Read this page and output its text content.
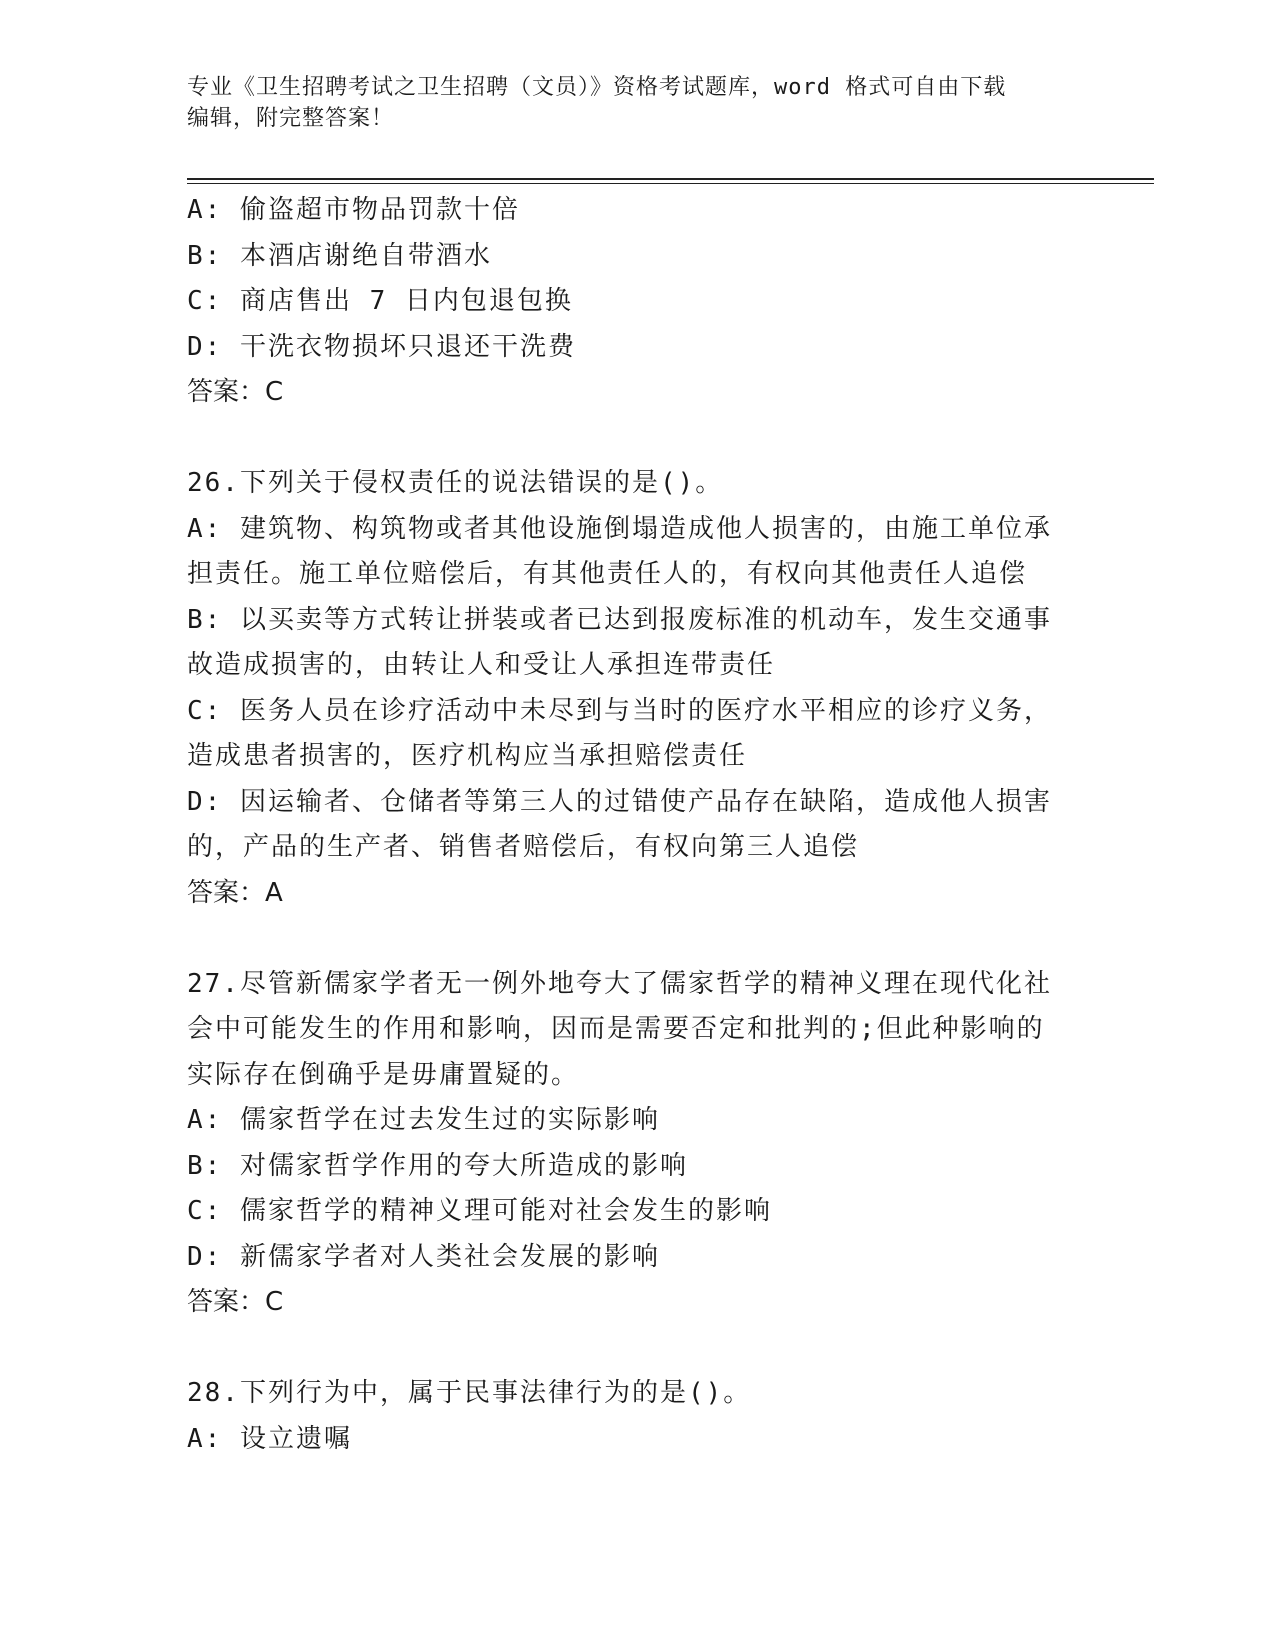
专业《卫生招聘考试之卫生招聘（文员）》资格考试题库，word 格式可自由下载
编辑，附完整答案！
A: 偷盗超市物品罚款十倍
B: 本酒店谢绝自带酒水
C: 商店售出 7 日内包退包换
D: 干洗衣物损坏只退还干洗费
答案：C
26.下列关于侵权责任的说法错误的是()。
A: 建筑物、构筑物或者其他设施倒塌造成他人损害的，由施工单位承
担责任。施工单位赔偿后，有其他责任人的，有权向其他责任人追偿
B: 以买卖等方式转让拼装或者已达到报废标准的机动车，发生交通事
故造成损害的，由转让人和受让人承担连带责任
C: 医务人员在诊疗活动中未尽到与当时的医疗水平相应的诊疗义务，
造成患者损害的，医疗机构应当承担赔偿责任
D: 因运输者、仓储者等第三人的过错使产品存在缺陷，造成他人损害
的，产品的生产者、销售者赔偿后，有权向第三人追偿
答案：A
27.尽管新儒家学者无一例外地夸大了儒家哲学的精神义理在现代化社
会中可能发生的作用和影响，因而是需要否定和批判的;但此种影响的
实际存在倒确乎是毋庸置疑的。
A: 儒家哲学在过去发生过的实际影响
B: 对儒家哲学作用的夸大所造成的影响
C: 儒家哲学的精神义理可能对社会发生的影响
D: 新儒家学者对人类社会发展的影响
答案：C
28.下列行为中，属于民事法律行为的是()。
A: 设立遗嘱
